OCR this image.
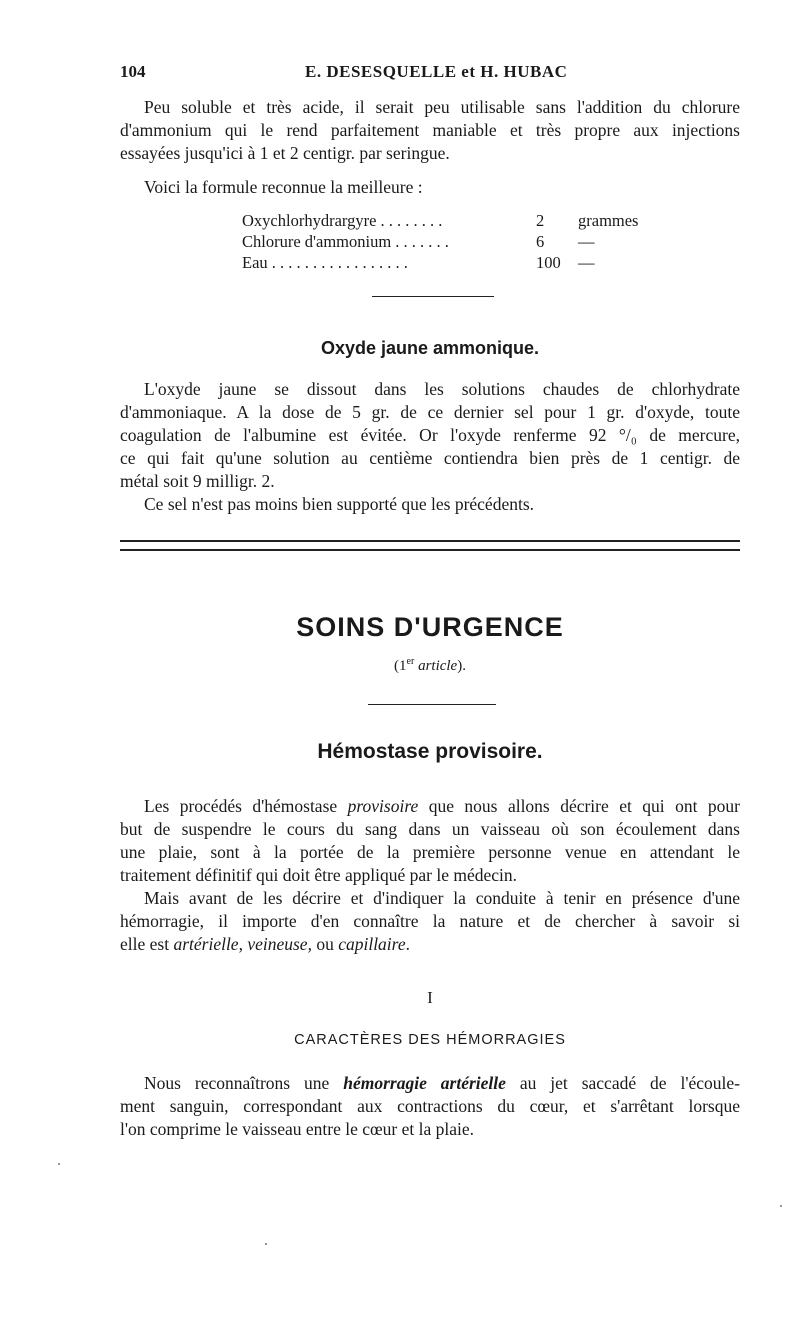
104	E. DESESQUELLE et H. HUBAC
Peu soluble et très acide, il serait peu utilisable sans l'addition du chlorure
d'ammonium qui le rend parfaitement maniable et très propre aux injections
essayées jusqu'ici à 1 et 2 centigr. par seringue.
Voici la formule reconnue la meilleure :
Oxychlorhydrargyre . . . . . . . .	2 grammes
Chlorure d'ammonium . . . . . . .	6 —
Eau . . . . . . . . . . . . . . . . .	100 —
Oxyde jaune ammonique.
L'oxyde jaune se dissout dans les solutions chaudes de chlorhydrate
d'ammoniaque. A la dose de 5 gr. de ce dernier sel pour 1 gr. d'oxyde, toute
coagulation de l'albumine est évitée. Or l'oxyde renferme 92 °/₀ de mercure,
ce qui fait qu'une solution au centième contiendra bien près de 1 centigr. de
métal soit 9 milligr. 2.
Ce sel n'est pas moins bien supporté que les précédents.
SOINS D'URGENCE
(1er article).
Hémostase provisoire.
Les procédés d'hémostase provisoire que nous allons décrire et qui ont pour
but de suspendre le cours du sang dans un vaisseau où son écoulement dans
une plaie, sont à la portée de la première personne venue en attendant le
traitement définitif qui doit être appliqué par le médecin.
Mais avant de les décrire et d'indiquer la conduite à tenir en présence d'une
hémorragie, il importe d'en connaître la nature et de chercher à savoir si
elle est artérielle, veineuse, ou capillaire.
I
CARACTÈRES DES HÉMORRAGIES
Nous reconnaîtrons une hémorragie artérielle au jet saccadé de l'écoule-
ment sanguin, correspondant aux contractions du cœur, et s'arrêtant lorsque
l'on comprime le vaisseau entre le cœur et la plaie.
